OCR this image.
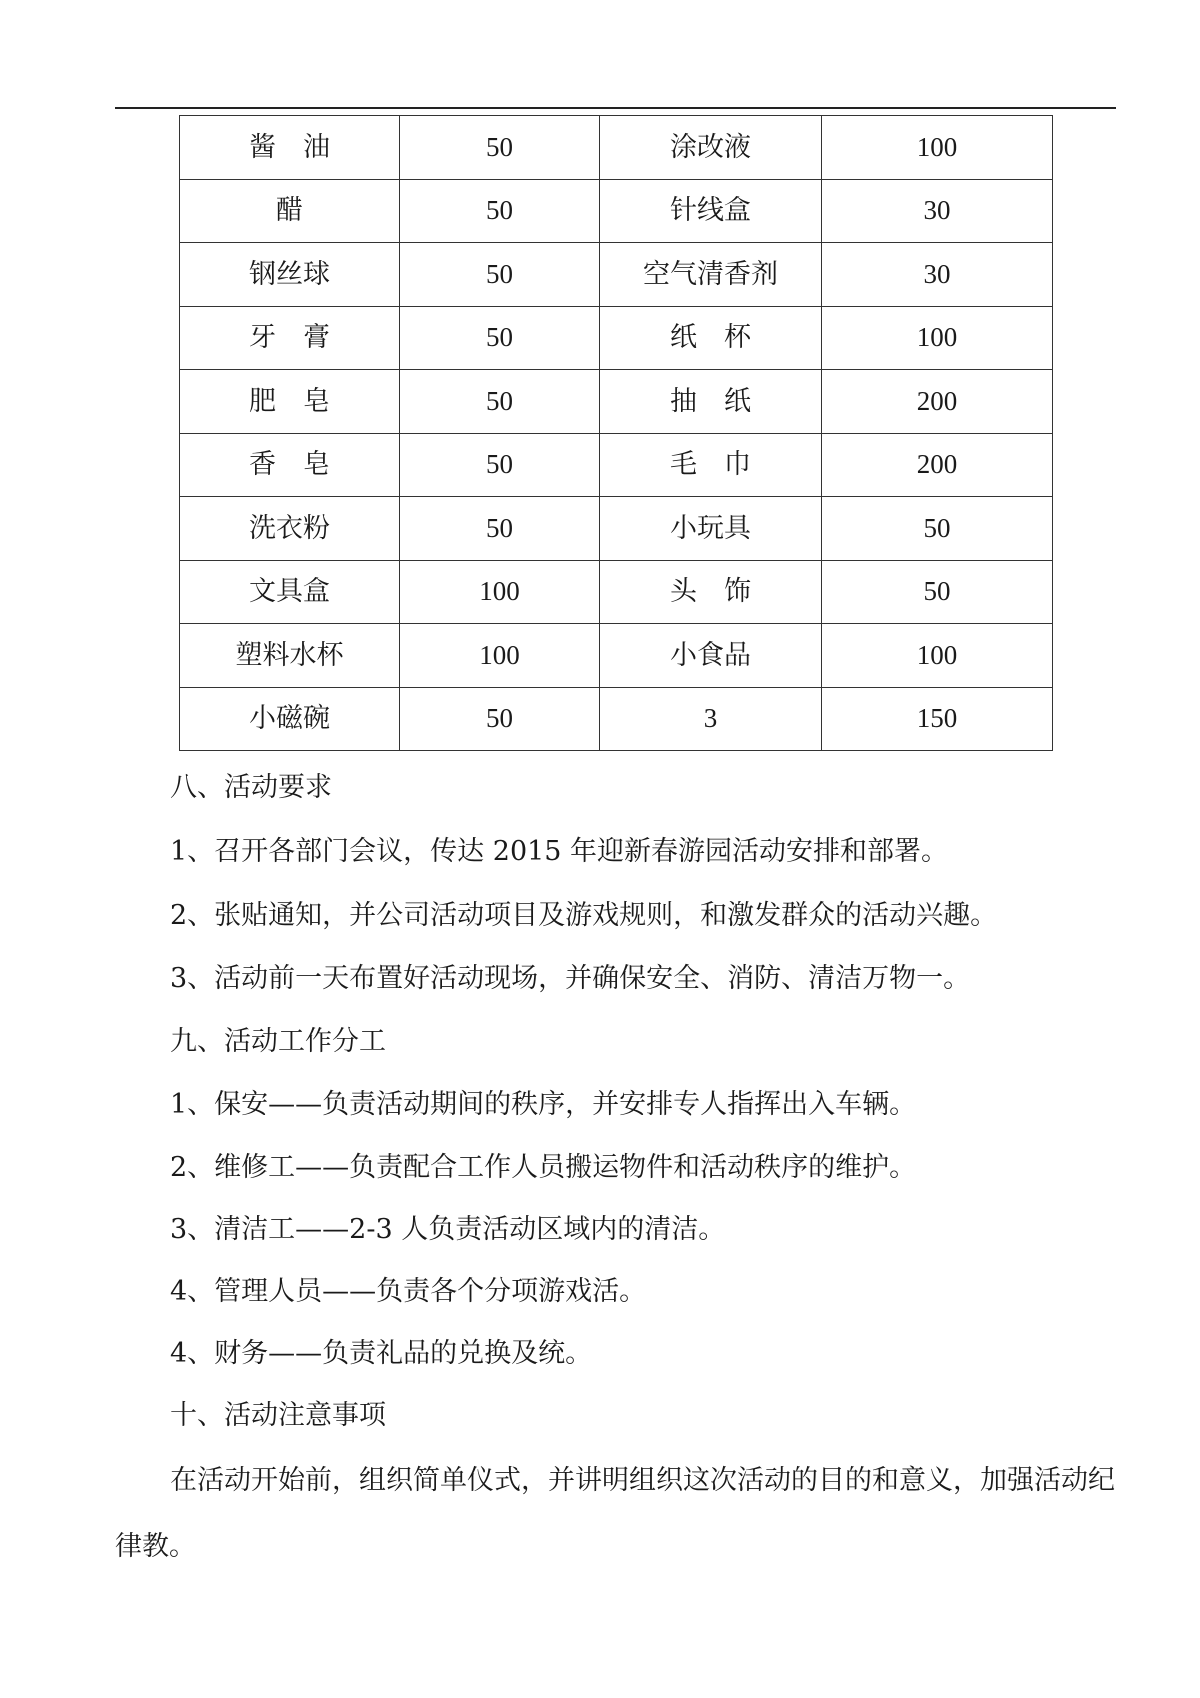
酱　油	50	涂改液	100
醋	50	针线盒	30
钢丝球	50	空气清香剂	30
牙　膏	50	纸　杯	100
肥　皂	50	抽　纸	200
香　皂	50	毛　巾	200
洗衣粉	50	小玩具	50
文具盒	100	头　饰	50
塑料水杯	100	小食品	100
小磁碗	50	3	150
八、活动要求
1、召开各部门会议，传达 2015 年迎新春游园活动安排和部署。
2、张贴通知，并公司活动项目及游戏规则，和激发群众的活动兴趣。
3、活动前一天布置好活动现场，并确保安全、消防、清洁万物一。
九、活动工作分工
1、保安——负责活动期间的秩序，并安排专人指挥出入车辆。
2、维修工——负责配合工作人员搬运物件和活动秩序的维护。
3、清洁工——2-3 人负责活动区域内的清洁。
4、管理人员——负责各个分项游戏活。
4、财务——负责礼品的兑换及统。
十、活动注意事项

在活动开始前，组织简单仪式，并讲明组织这次活动的目的和意义，加强活动纪律教。
